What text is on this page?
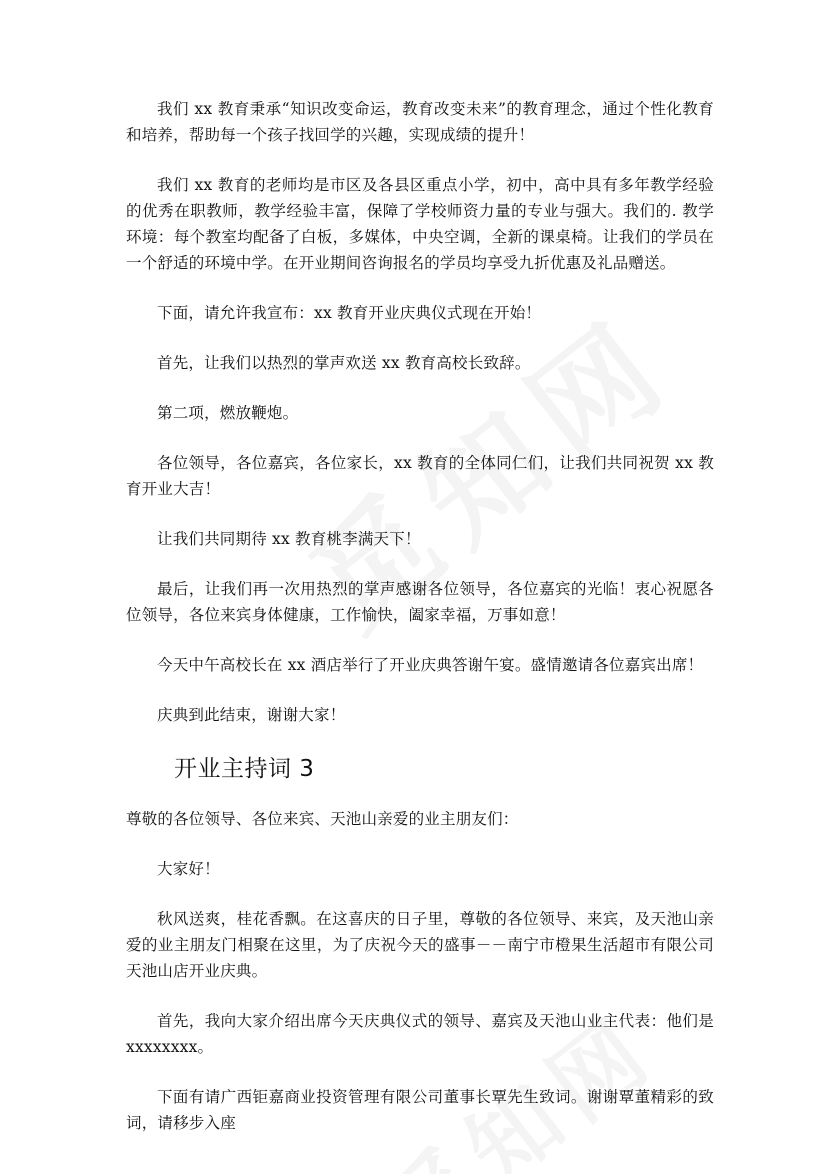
我们 xx 教育秉承“知识改变命运，教育改变未来”的教育理念，通过个性化教育和培养，帮助每一个孩子找回学的兴趣，实现成绩的提升！

我们 xx 教育的老师均是市区及各县区重点小学，初中，高中具有多年教学经验的优秀在职教师，教学经验丰富，保障了学校师资力量的专业与强大。我们的. 教学环境：每个教室均配备了白板，多媒体，中央空调，全新的课桌椅。让我们的学员在一个舒适的环境中学。在开业期间咨询报名的学员均享受九折优惠及礼品赠送。

下面，请允许我宣布：xx 教育开业庆典仪式现在开始！

首先，让我们以热烈的掌声欢送 xx 教育高校长致辞。

第二项，燃放鞭炮。

各位领导，各位嘉宾，各位家长，xx 教育的全体同仁们，让我们共同祝贺 xx 教育开业大吉！

让我们共同期待 xx 教育桃李满天下！

最后，让我们再一次用热烈的掌声感谢各位领导，各位嘉宾的光临！衷心祝愿各位领导，各位来宾身体健康，工作愉快，阖家幸福，万事如意！

今天中午高校长在 xx 酒店举行了开业庆典答谢午宴。盛情邀请各位嘉宾出席！

庆典到此结束，谢谢大家！

开业主持词 3

尊敬的各位领导、各位来宾、天池山亲爱的业主朋友们：

大家好！

秋风送爽，桂花香飘。在这喜庆的日子里，尊敬的各位领导、来宾，及天池山亲爱的业主朋友门相聚在这里，为了庆祝今天的盛事－－南宁市橙果生活超市有限公司天池山店开业庆典。

首先，我向大家介绍出席今天庆典仪式的领导、嘉宾及天池山业主代表：他们是 xxxxxxxx。

下面有请广西钜嘉商业投资管理有限公司董事长覃先生致词。谢谢覃董精彩的致词，请移步入座
